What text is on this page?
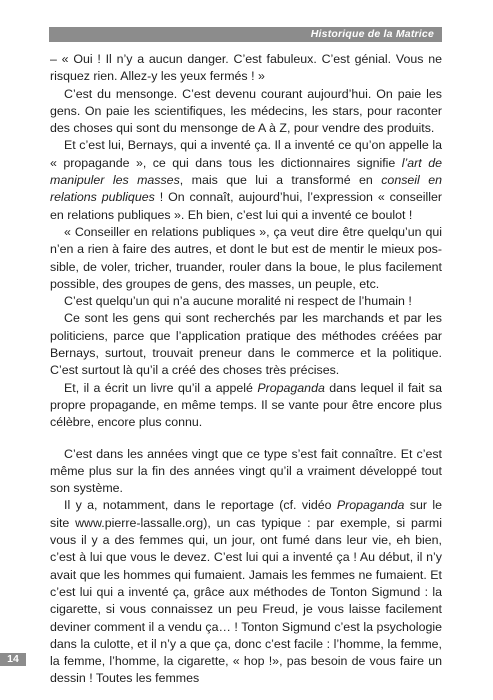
Historique de la Matrice

– « Oui ! Il n’y a aucun danger. C’est fabuleux. C’est génial. Vous ne risquez rien. Allez-y les yeux fermés ! »

C’est du mensonge. C’est devenu courant aujourd’hui. On paie les gens. On paie les scientifiques, les médecins, les stars, pour raconter des choses qui sont du mensonge de A à Z, pour vendre des produits.

Et c’est lui, Bernays, qui a inventé ça. Il a inventé ce qu’on appelle la « propagande », ce qui dans tous les dictionnaires signifie l’art de manipuler les masses, mais que lui a transformé en conseil en relations publiques ! On connaît, aujourd’hui, l’expression « conseiller en relations publiques ». Eh bien, c’est lui qui a inventé ce boulot !

« Conseiller en relations publiques », ça veut dire être quelqu’un qui n’en a rien à faire des autres, et dont le but est de mentir le mieux possible, de voler, tricher, truander, rouler dans la boue, le plus facilement possible, des groupes de gens, des masses, un peuple, etc.

C’est quelqu’un qui n’a aucune moralité ni respect de l’humain !

Ce sont les gens qui sont recherchés par les marchands et par les politiciens, parce que l’application pratique des méthodes créées par Bernays, surtout, trouvait preneur dans le commerce et la politique. C’est surtout là qu’il a créé des choses très précises.

Et, il a écrit un livre qu’il a appelé Propaganda dans lequel il fait sa propre propagande, en même temps. Il se vante pour être encore plus célèbre, encore plus connu.

C’est dans les années vingt que ce type s’est fait connaître. Et c’est même plus sur la fin des années vingt qu’il a vraiment développé tout son système.

Il y a, notamment, dans le reportage (cf. vidéo Propaganda sur le site www.pierre-lassalle.org), un cas typique : par exemple, si parmi vous il y a des femmes qui, un jour, ont fumé dans leur vie, eh bien, c’est à lui que vous le devez. C’est lui qui a inventé ça ! Au début, il n’y avait que les hommes qui fumaient. Jamais les femmes ne fumaient. Et c’est lui qui a inventé ça, grâce aux méthodes de Tonton Sigmund : la cigarette, si vous connaissez un peu Freud, je vous laisse facilement deviner comment il a vendu ça… ! Tonton Sigmund c’est la psychologie dans la culotte, et il n’y a que ça, donc c’est facile : l’homme, la femme, la femme, l’homme, la cigarette, « hop !», pas besoin de vous faire un dessin ! Toutes les femmes

14
